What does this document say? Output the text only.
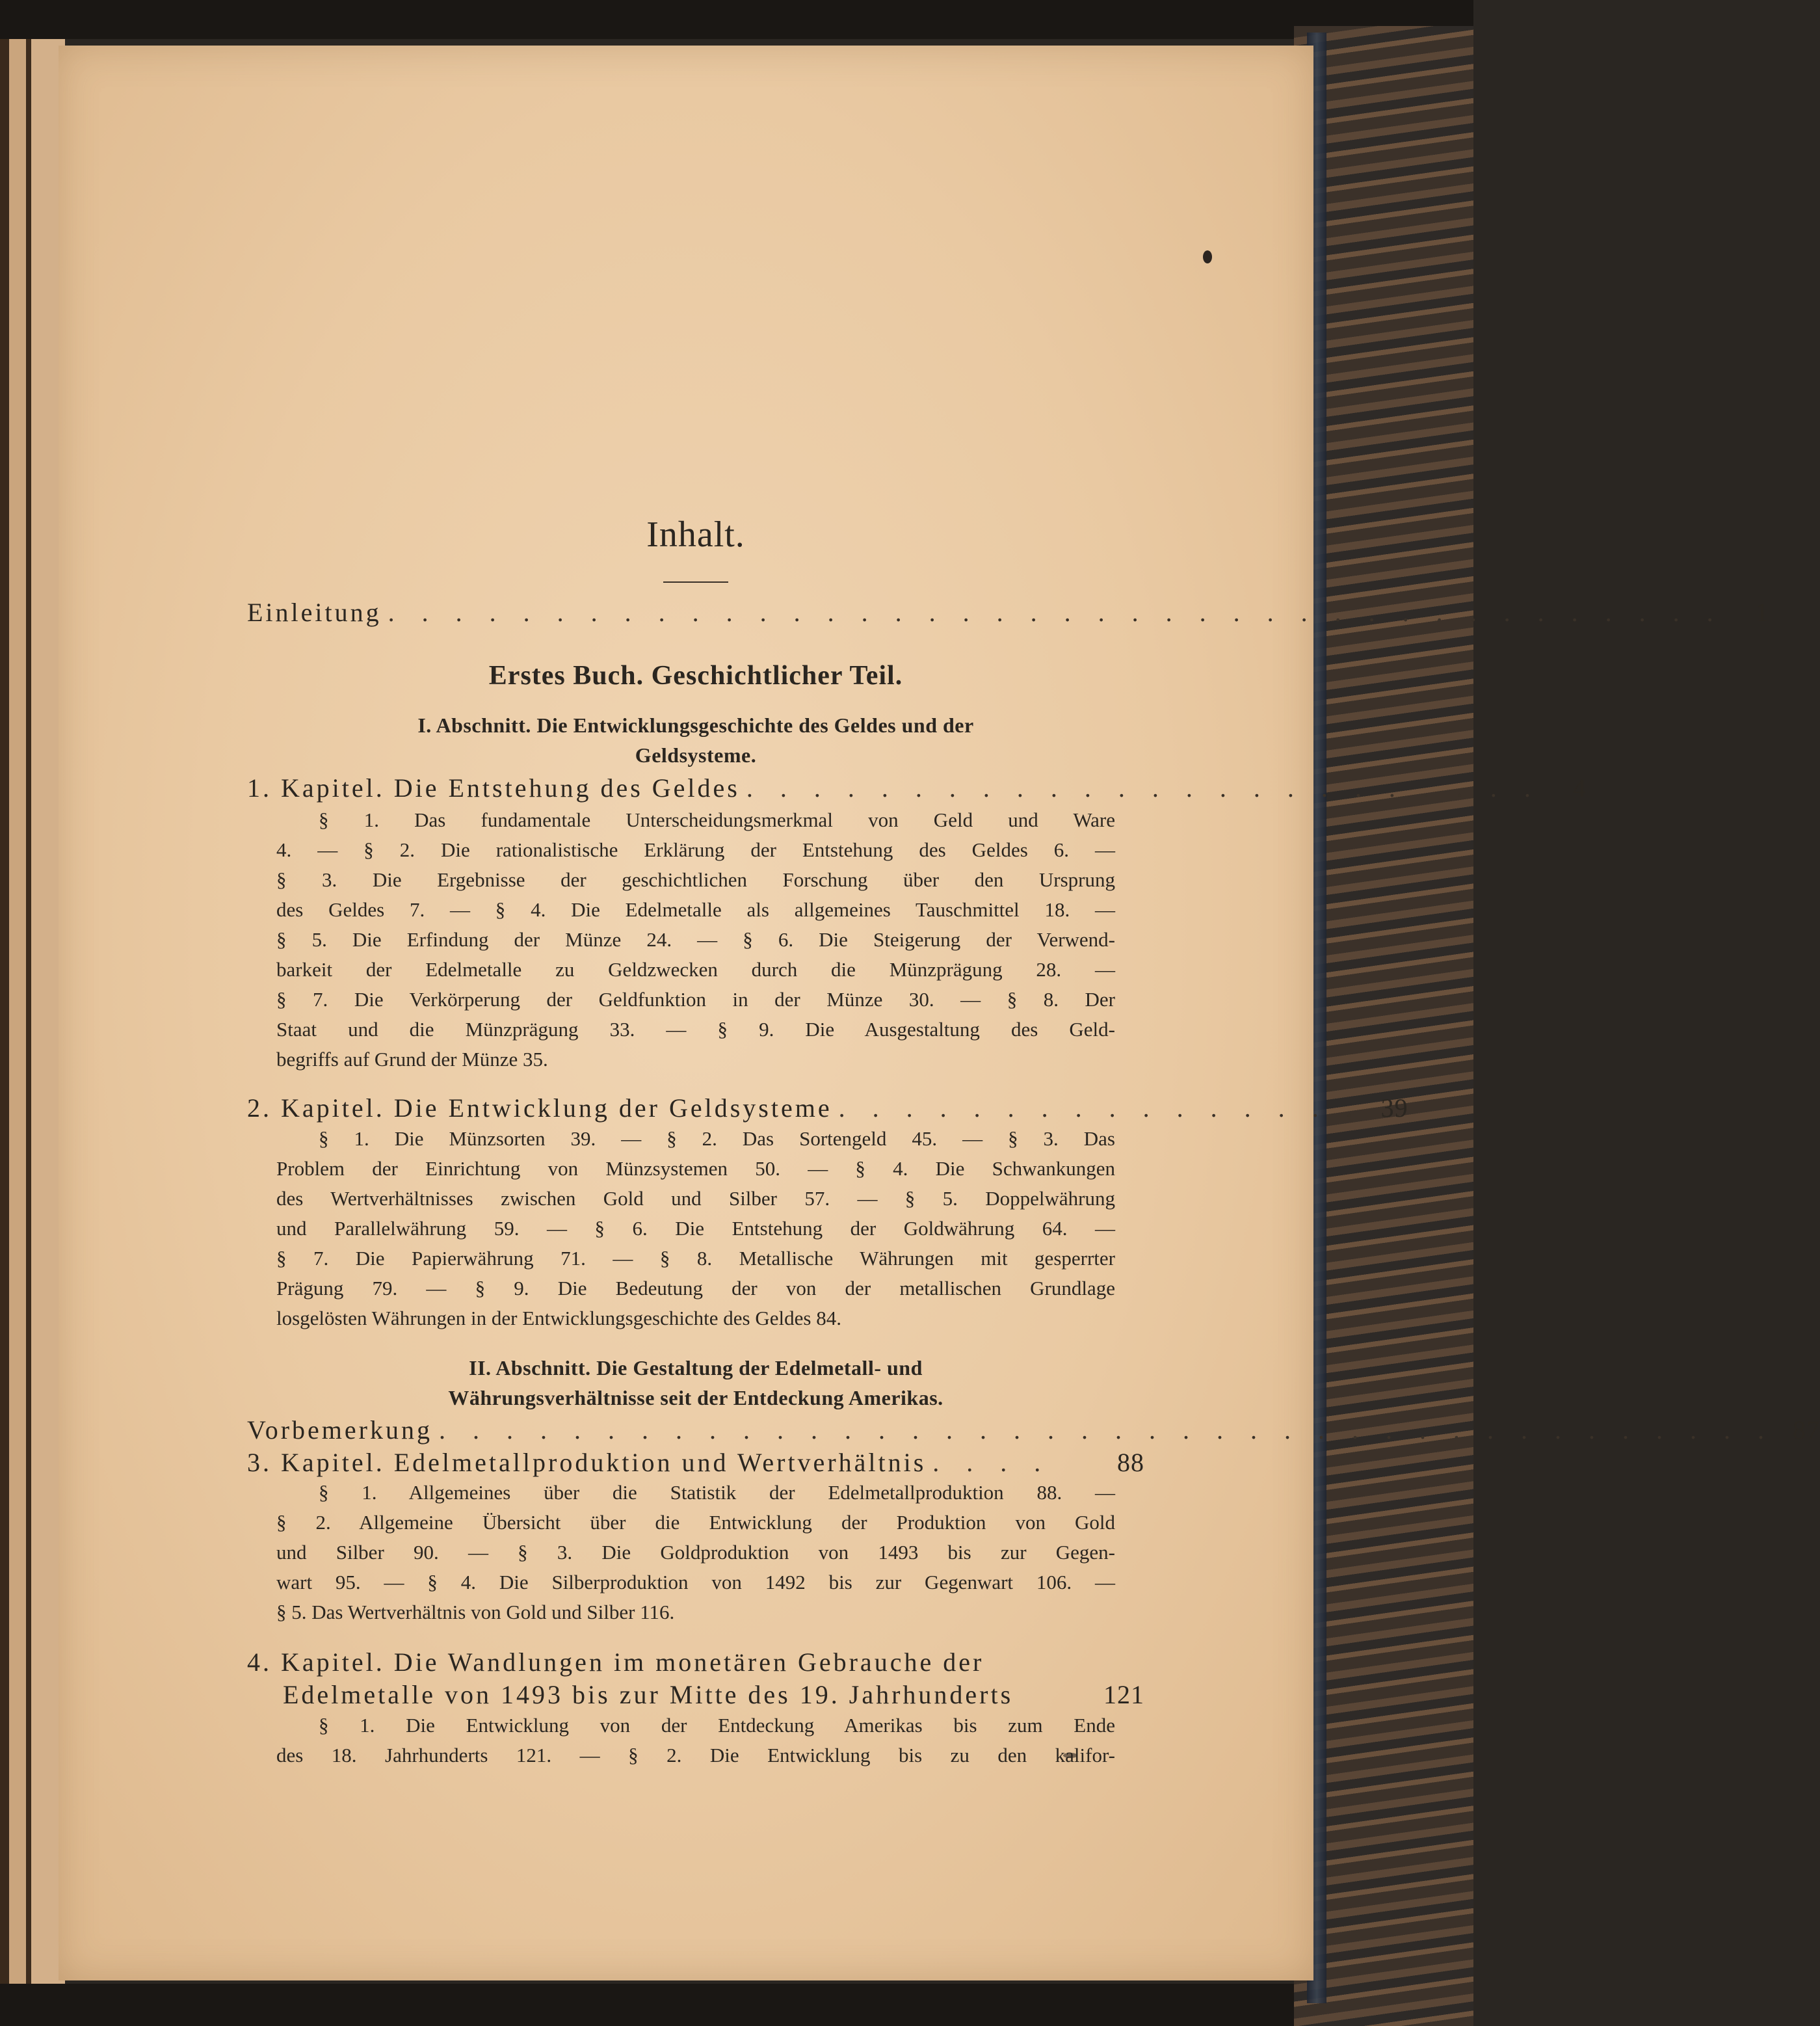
Inhalt.
Einleitung . . . . . . . . . . . . . . . . . . . . . . . . . . . . . . . . . . . . . . . .	1
Erstes Buch. Geschichtlicher Teil.
I. Abschnitt. Die Entwicklungsgeschichte des Geldes und der
Geldsysteme.
1. Kapitel. Die Entstehung des Geldes . . . . . . . . . . . . . . . . . . . . . . . .	4
§ 1. Das fundamentale Unterscheidungsmerkmal von Geld und Ware
4. — § 2. Die rationalistische Erklärung der Entstehung des Geldes 6. —
§ 3. Die Ergebnisse der geschichtlichen Forschung über den Ursprung
des Geldes 7. — § 4. Die Edelmetalle als allgemeines Tauschmittel 18. —
§ 5. Die Erfindung der Münze 24. — § 6. Die Steigerung der Verwend-
barkeit der Edelmetalle zu Geldzwecken durch die Münzprägung 28. —
§ 7. Die Verkörperung der Geldfunktion in der Münze 30. — § 8. Der
Staat und die Münzprägung 33. — § 9. Die Ausgestaltung des Geld-
begriffs auf Grund der Münze 35.
2. Kapitel. Die Entwicklung der Geldsysteme . . . . . . . . . . . . . . . . 39
§ 1. Die Münzsorten 39. — § 2. Das Sortengeld 45. — § 3. Das
Problem der Einrichtung von Münzsystemen 50. — § 4. Die Schwankungen
des Wertverhältnisses zwischen Gold und Silber 57. — § 5. Doppelwährung
und Parallelwährung 59. — § 6. Die Entstehung der Goldwährung 64. —
§ 7. Die Papierwährung 71. — § 8. Metallische Währungen mit gesperrter
Prägung 79. — § 9. Die Bedeutung der von der metallischen Grundlage
losgelösten Währungen in der Entwicklungsgeschichte des Geldes 84.
II. Abschnitt. Die Gestaltung der Edelmetall- und
Währungsverhältnisse seit der Entdeckung Amerikas.
Vorbemerkung . . . . . . . . . . . . . . . . . . . . . . . . . . . . . . . . . . . . . . . . 87
3. Kapitel. Edelmetallproduktion und Wertverhältnis . . . .	88
§ 1. Allgemeines über die Statistik der Edelmetallproduktion 88. —
§ 2. Allgemeine Übersicht über die Entwicklung der Produktion von Gold
und Silber 90. — § 3. Die Goldproduktion von 1493 bis zur Gegen-
wart 95. — § 4. Die Silberproduktion von 1492 bis zur Gegenwart 106. —
§ 5. Das Wertverhältnis von Gold und Silber 116.
4. Kapitel. Die Wandlungen im monetären Gebrauche der
Edelmetalle von 1493 bis zur Mitte des 19. Jahrhunderts	121
§ 1. Die Entwicklung von der Entdeckung Amerikas bis zum Ende
des 18. Jahrhunderts 121. — § 2. Die Entwicklung bis zu den kalifor-
